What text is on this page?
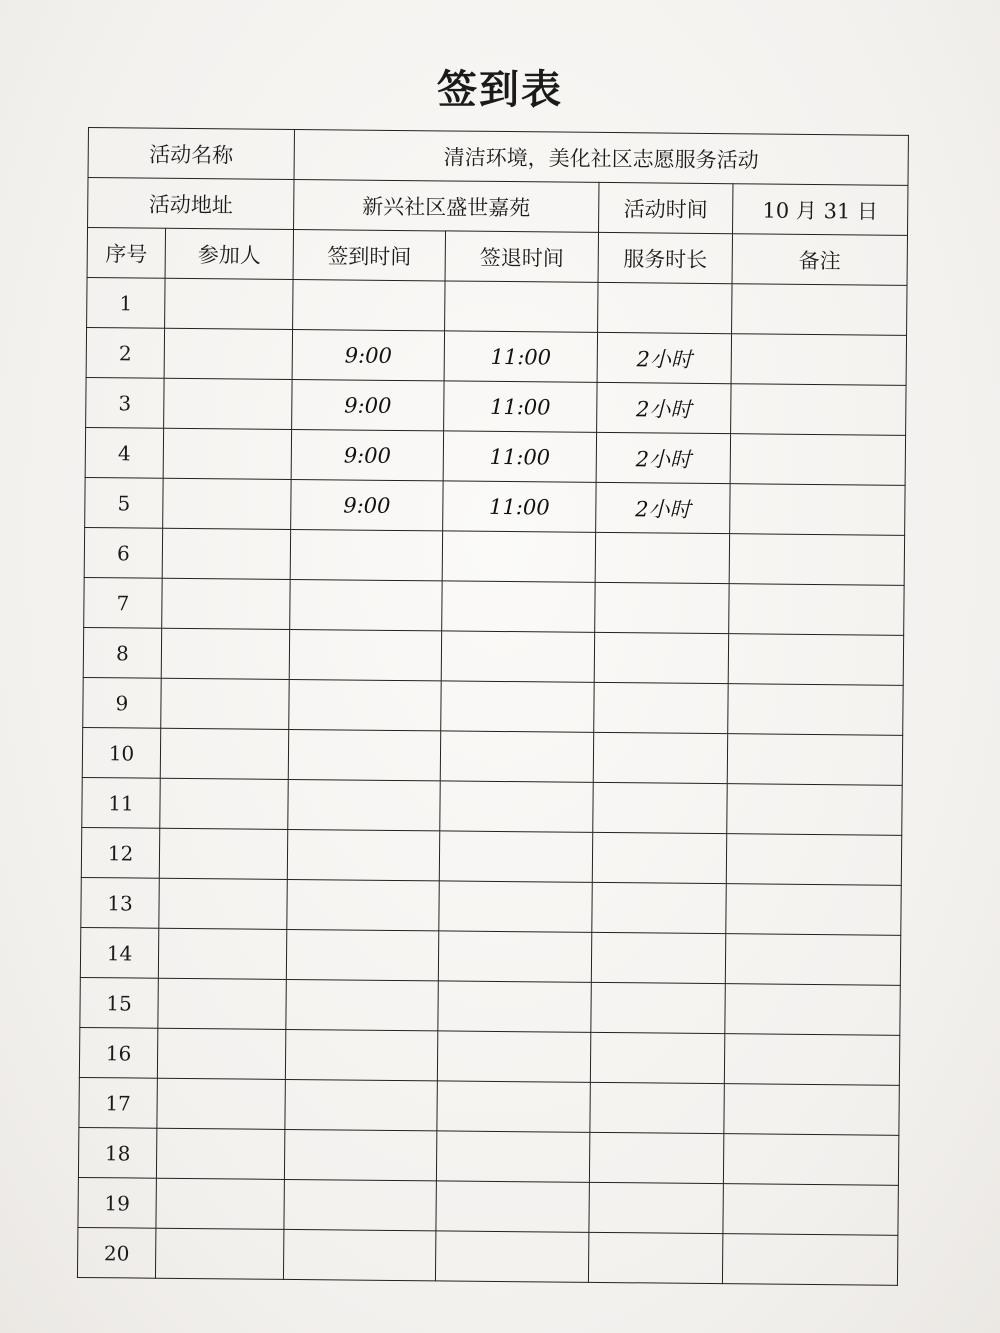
签到表
活动名称		清洁环境，美化社区志愿服务活动			
活动地址		新兴社区盛世嘉苑		活动时间	10 月 31 日
序号	参加人	签到时间	签退时间	服务时长	备注
1					
2		9:00	11:00	2小时	
3		9:00	11:00	2小时	
4		9:00	11:00	2小时	
5		9:00	11:00	2小时	
6					
7					
8					
9					
10					
11					
12					
13					
14					
15					
16					
17					
18					
19					
20					
